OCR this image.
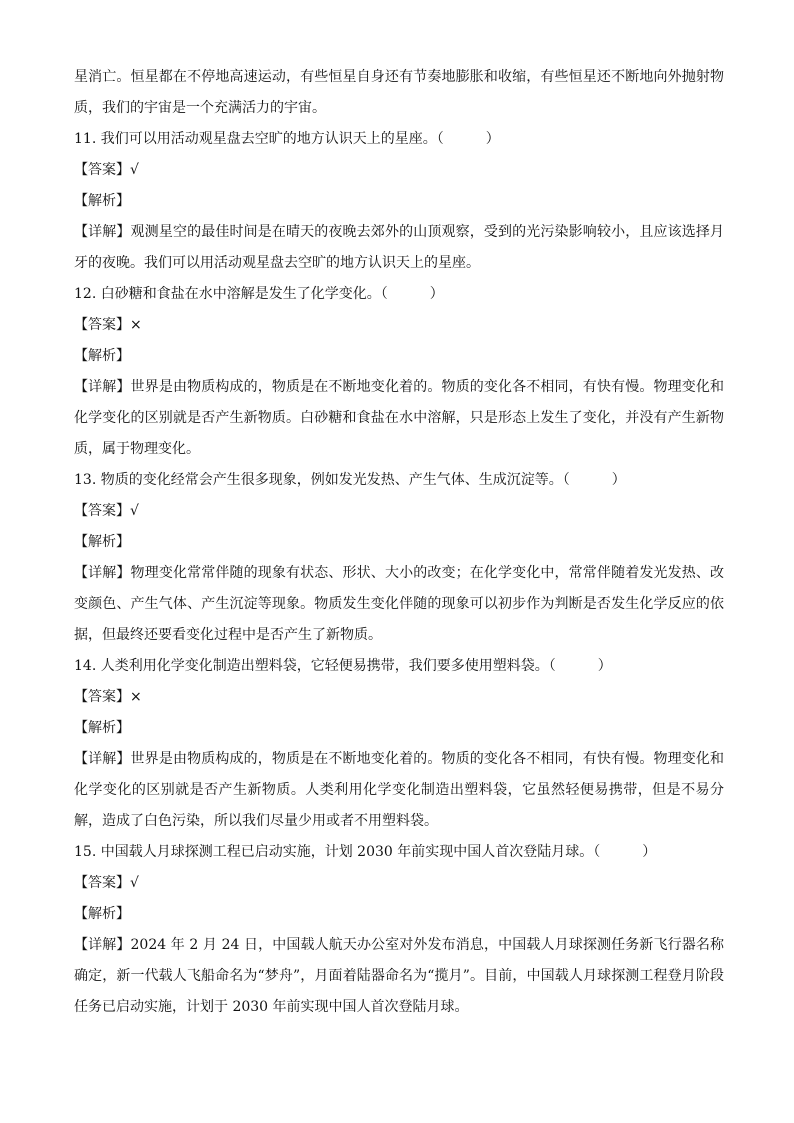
星消亡。恒星都在不停地高速运动，有些恒星自身还有节奏地膨胀和收缩，有些恒星还不断地向外抛射物质，我们的宇宙是一个充满活力的宇宙。

11. 我们可以用活动观星盘去空旷的地方认识天上的星座。（	）

【答案】√

【解析】

【详解】观测星空的最佳时间是在晴天的夜晚去郊外的山顶观察，受到的光污染影响较小，且应该选择月牙的夜晚。我们可以用活动观星盘去空旷的地方认识天上的星座。

12. 白砂糖和食盐在水中溶解是发生了化学变化。（	）

【答案】×

【解析】

【详解】世界是由物质构成的，物质是在不断地变化着的。物质的变化各不相同，有快有慢。物理变化和化学变化的区别就是否产生新物质。白砂糖和食盐在水中溶解，只是形态上发生了变化，并没有产生新物质，属于物理变化。

13. 物质的变化经常会产生很多现象，例如发光发热、产生气体、生成沉淀等。（	）

【答案】√

【解析】

【详解】物理变化常常伴随的现象有状态、形状、大小的改变；在化学变化中，常常伴随着发光发热、改变颜色、产生气体、产生沉淀等现象。物质发生变化伴随的现象可以初步作为判断是否发生化学反应的依据，但最终还要看变化过程中是否产生了新物质。

14. 人类利用化学变化制造出塑料袋，它轻便易携带，我们要多使用塑料袋。（	）

【答案】×

【解析】

【详解】世界是由物质构成的，物质是在不断地变化着的。物质的变化各不相同，有快有慢。物理变化和化学变化的区别就是否产生新物质。人类利用化学变化制造出塑料袋，它虽然轻便易携带，但是不易分解，造成了白色污染，所以我们尽量少用或者不用塑料袋。

15. 中国载人月球探测工程已启动实施，计划 2030 年前实现中国人首次登陆月球。（	）

【答案】√

【解析】

【详解】2024 年 2 月 24 日，中国载人航天办公室对外发布消息，中国载人月球探测任务新飞行器名称确定，新一代载人飞船命名为“梦舟”，月面着陆器命名为“揽月”。目前，中国载人月球探测工程登月阶段任务已启动实施，计划于 2030 年前实现中国人首次登陆月球。
